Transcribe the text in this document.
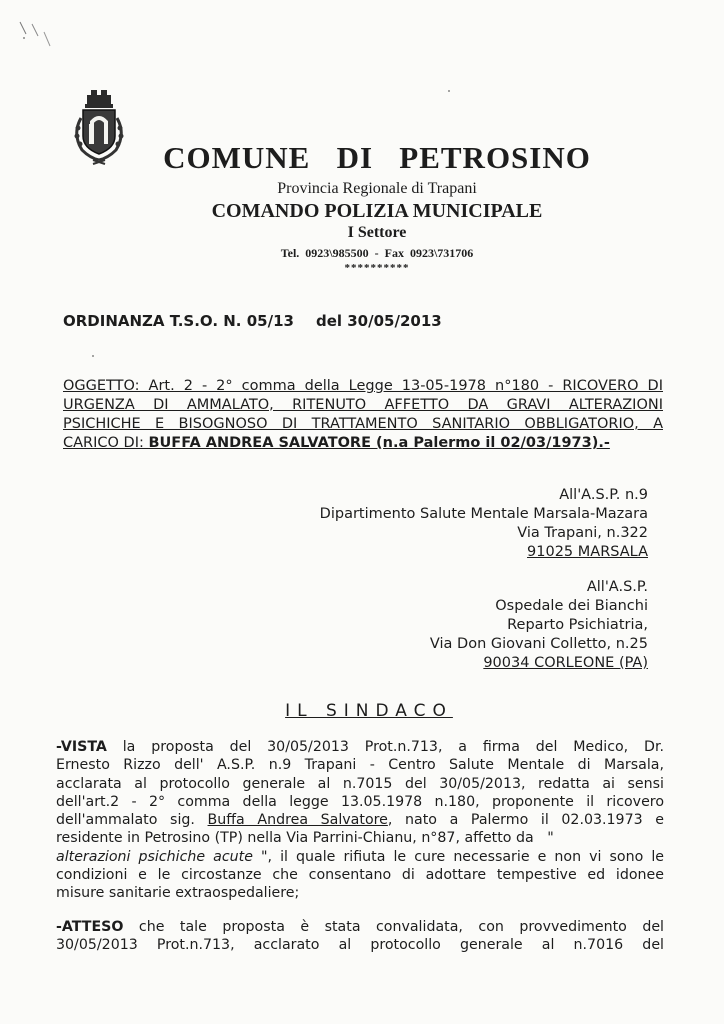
COMUNE   DI   PETROSINO
Provincia Regionale di Trapani
COMANDO POLIZIA MUNICIPALE
I Settore
Tel.  0923\985500  -  Fax  0923\731706
**********
ORDINANZA T.S.O. N. 05/13 del 30/05/2013
OGGETTO: Art. 2 - 2° comma della Legge 13-05-1978 n°180 - RICOVERO DI
URGENZA DI AMMALATO, RITENUTO AFFETTO DA GRAVI ALTERAZIONI
PSICHICHE E BISOGNOSO DI TRATTAMENTO SANITARIO OBBLIGATORIO, A
CARICO DI: BUFFA ANDREA SALVATORE (n.a Palermo il 02/03/1973).-
All'A.S.P. n.9
Dipartimento Salute Mentale Marsala-Mazara
Via Trapani, n.322
91025 MARSALA
All'A.S.P.
Ospedale dei Bianchi
Reparto Psichiatria,
Via Don Giovani Colletto, n.25
90034 CORLEONE (PA)
IL SINDACO
-VISTA la proposta del 30/05/2013 Prot.n.713, a firma del Medico, Dr.
Ernesto Rizzo dell' A.S.P. n.9 Trapani - Centro Salute Mentale di Marsala,
acclarata al protocollo generale al n.7015 del 30/05/2013, redatta ai sensi
dell'art.2 - 2° comma della legge 13.05.1978 n.180, proponente il ricovero
dell'ammalato sig. Buffa Andrea Salvatore, nato a Palermo il 02.03.1973 e
residente in Petrosino (TP) nella Via Parrini-Chianu, n°87, affetto da   "
alterazioni psichiche acute ", il quale rifiuta le cure necessarie e non vi sono le
condizioni e le circostanze che consentano di adottare tempestive ed idonee
misure sanitarie extraospedaliere;
-ATTESO che tale proposta è stata convalidata, con provvedimento del
30/05/2013 Prot.n.713, acclarato al protocollo generale al n.7016 del
